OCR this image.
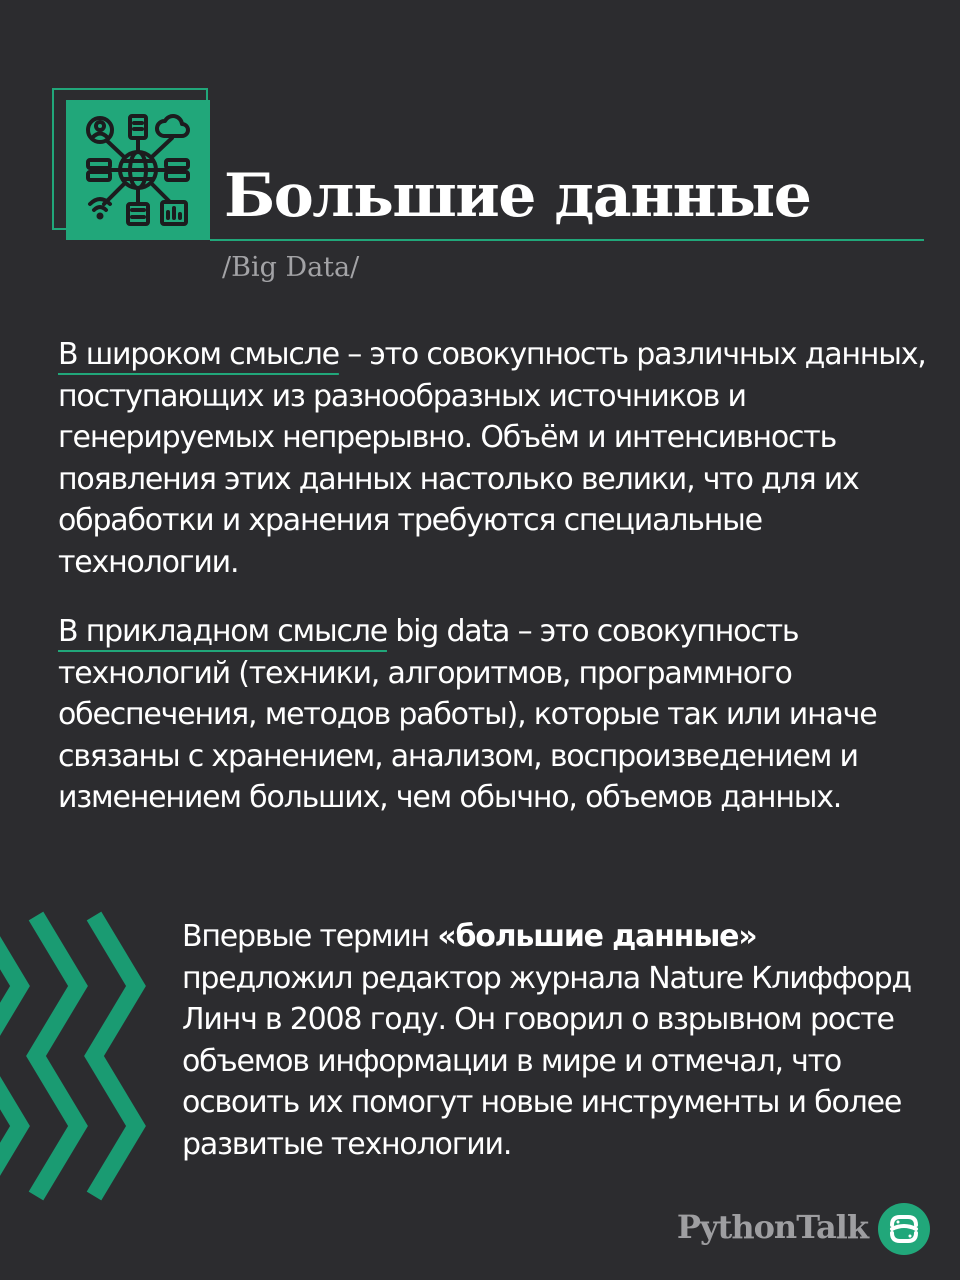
Большие данные
/Big Data/

В широком смысле – это совокупность различных данных, поступающих из разнообразных источников и генерируемых непрерывно. Объём и интенсивность появления этих данных настолько велики, что для их обработки и хранения требуются специальные технологии.

В прикладном смысле big data – это совокупность технологий (техники, алгоритмов, программного обеспечения, методов работы), которые так или иначе связаны с хранением, анализом, воспроизведением и изменением больших, чем обычно, объемов данных.

Впервые термин «большие данные» предложил редактор журнала Nature Клиффорд Линч в 2008 году. Он говорил о взрывном росте объемов информации в мире и отмечал, что освоить их помогут новые инструменты и более развитые технологии.

PythonTalk
